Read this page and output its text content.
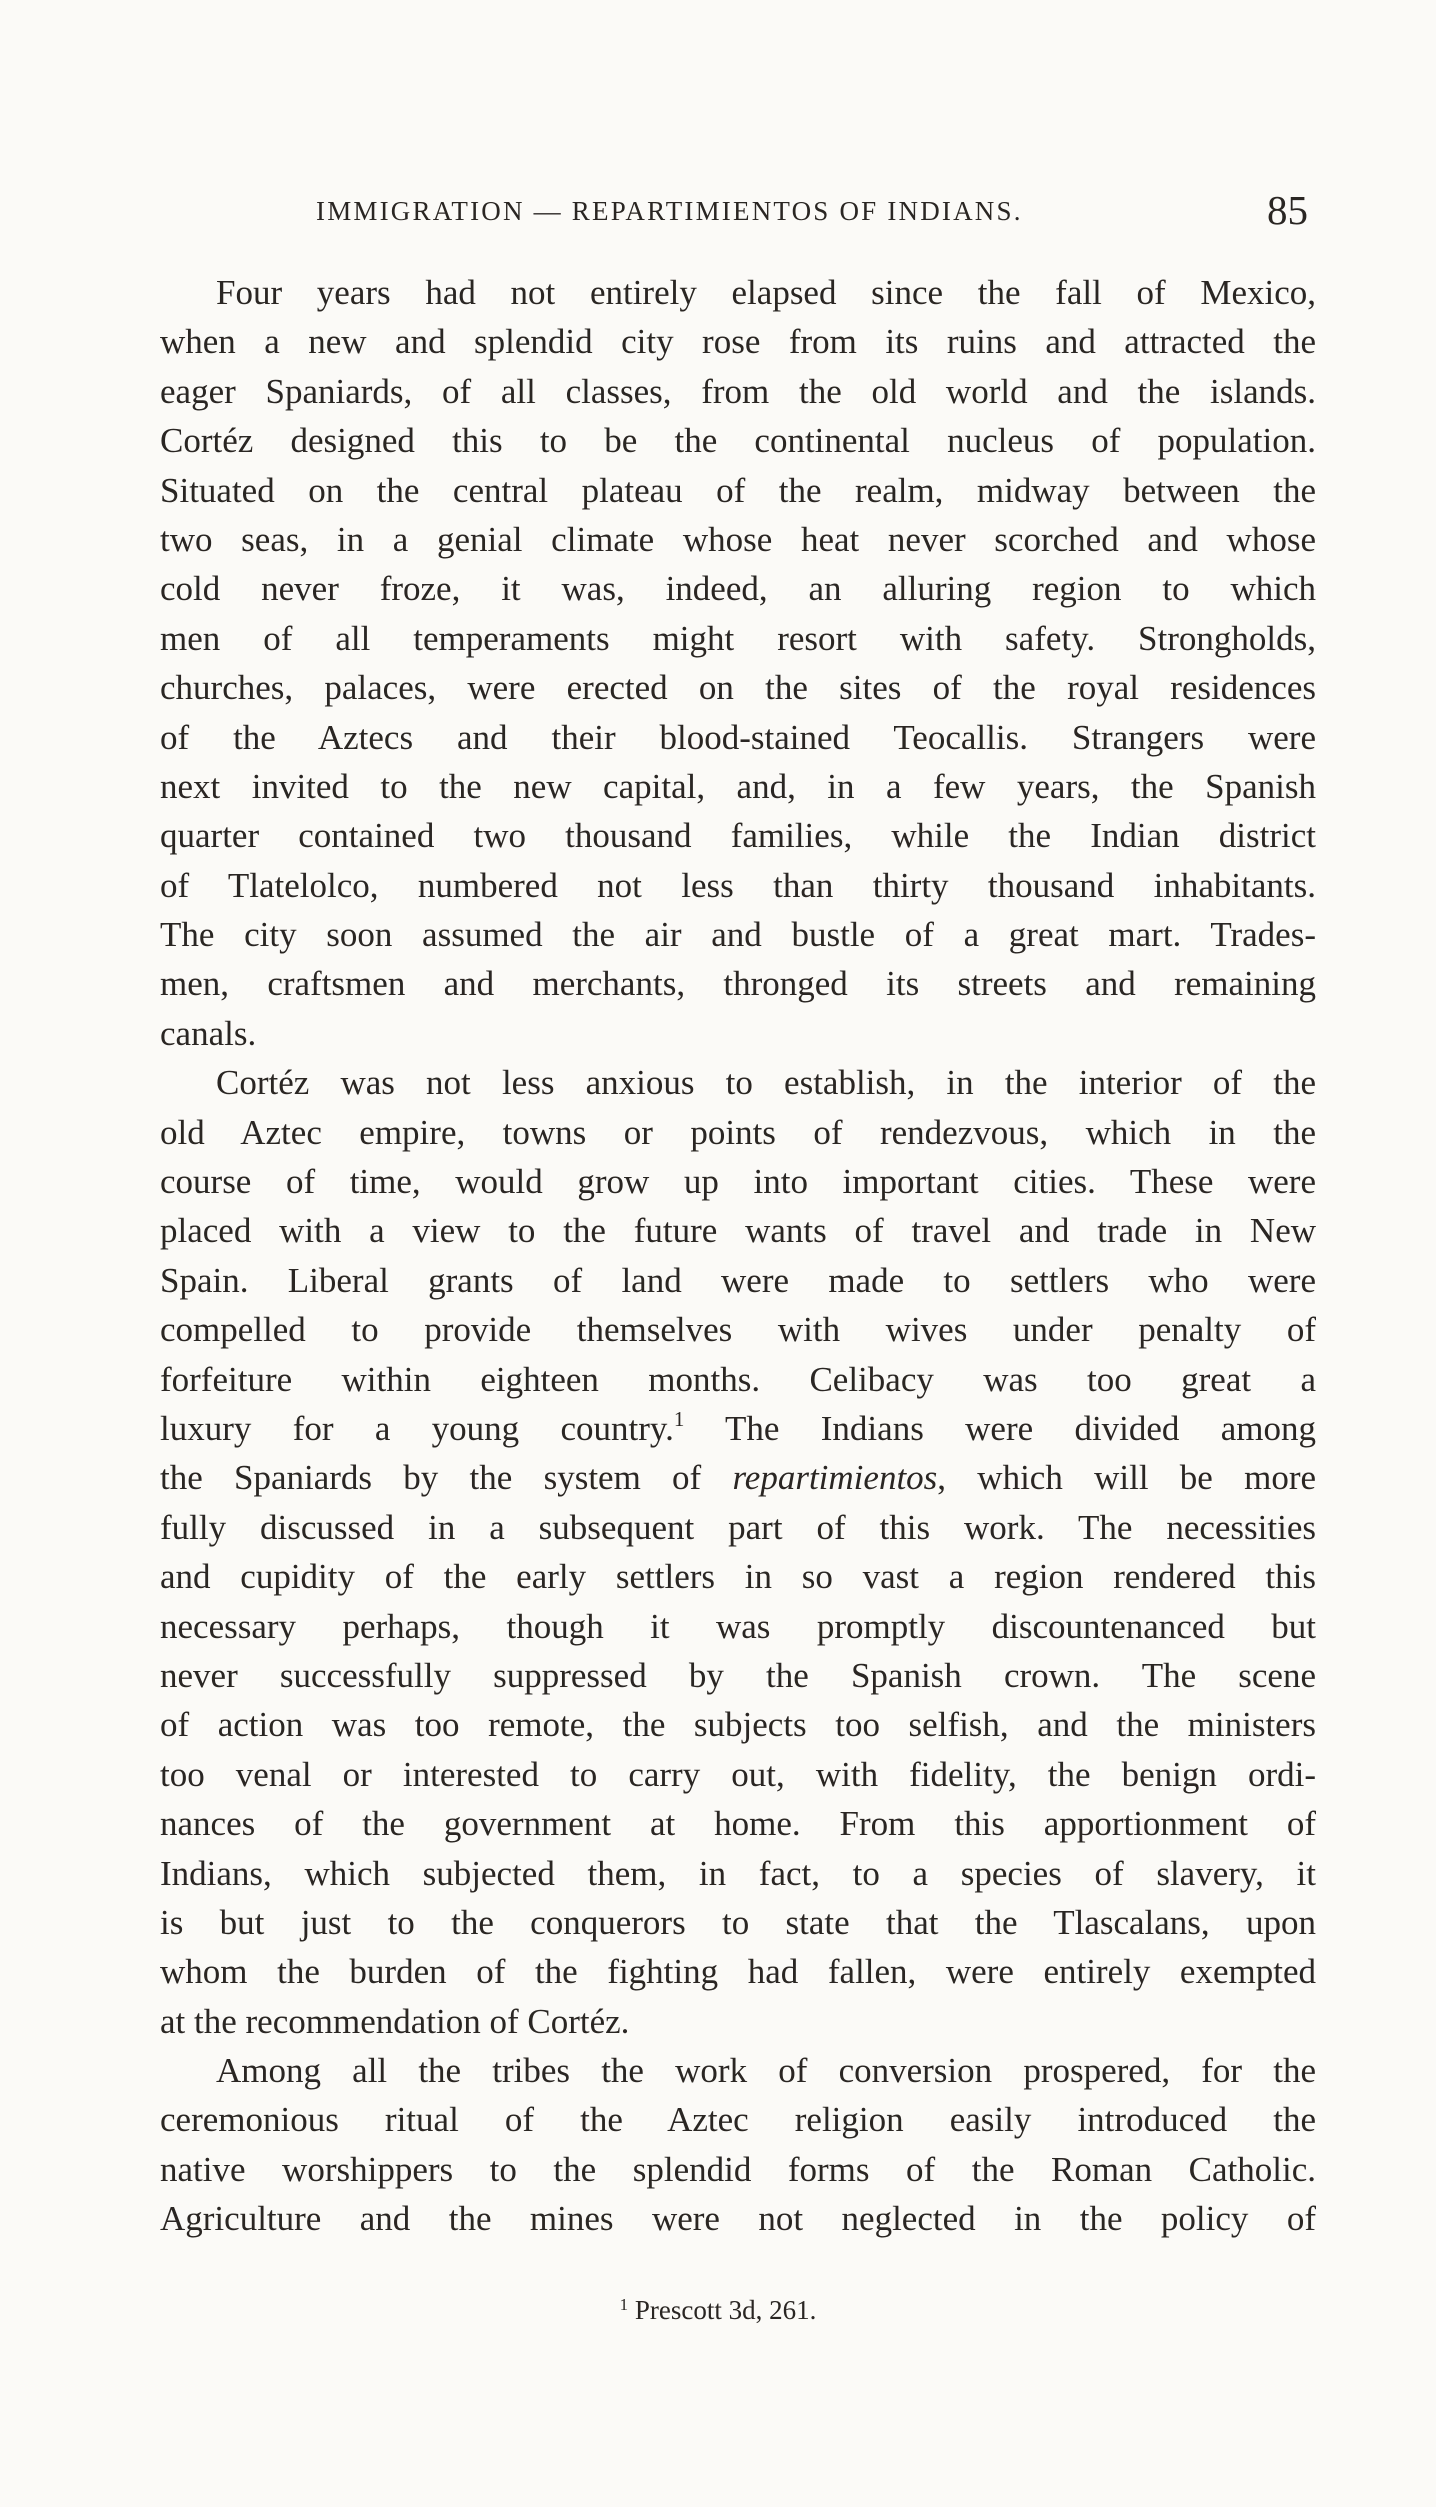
IMMIGRATION — REPARTIMIENTOS OF INDIANS.	85
Four years had not entirely elapsed since the fall of Mexico,
when a new and splendid city rose from its ruins and attracted the
eager Spaniards, of all classes, from the old world and the islands.
Cortéz designed this to be the continental nucleus of population.
Situated on the central plateau of the realm, midway between the
two seas, in a genial climate whose heat never scorched and whose
cold never froze, it was, indeed, an alluring region to which
men of all temperaments might resort with safety. Strongholds,
churches, palaces, were erected on the sites of the royal residences
of the Aztecs and their blood-stained Teocallis. Strangers were
next invited to the new capital, and, in a few years, the Spanish
quarter contained two thousand families, while the Indian district
of Tlatelolco, numbered not less than thirty thousand inhabitants.
The city soon assumed the air and bustle of a great mart. Trades-
men, craftsmen and merchants, thronged its streets and remaining
canals.
Cortéz was not less anxious to establish, in the interior of the
old Aztec empire, towns or points of rendezvous, which in the
course of time, would grow up into important cities. These were
placed with a view to the future wants of travel and trade in New
Spain. Liberal grants of land were made to settlers who were
compelled to provide themselves with wives under penalty of
forfeiture within eighteen months. Celibacy was too great a
luxury for a young country.$^1$ The Indians were divided among
the Spaniards by the system of repartimientos, which will be more
fully discussed in a subsequent part of this work. The necessities
and cupidity of the early settlers in so vast a region rendered this
necessary perhaps, though it was promptly discountenanced but
never successfully suppressed by the Spanish crown. The scene
of action was too remote, the subjects too selfish, and the ministers
too venal or interested to carry out, with fidelity, the benign ordi-
nances of the government at home. From this apportionment of
Indians, which subjected them, in fact, to a species of slavery, it
is but just to the conquerors to state that the Tlascalans, upon
whom the burden of the fighting had fallen, were entirely exempted
at the recommendation of Cortéz.
Among all the tribes the work of conversion prospered, for the
ceremonious ritual of the Aztec religion easily introduced the
native worshippers to the splendid forms of the Roman Catholic.
Agriculture and the mines were not neglected in the policy of
$^1$ Prescott 3d, 261.
